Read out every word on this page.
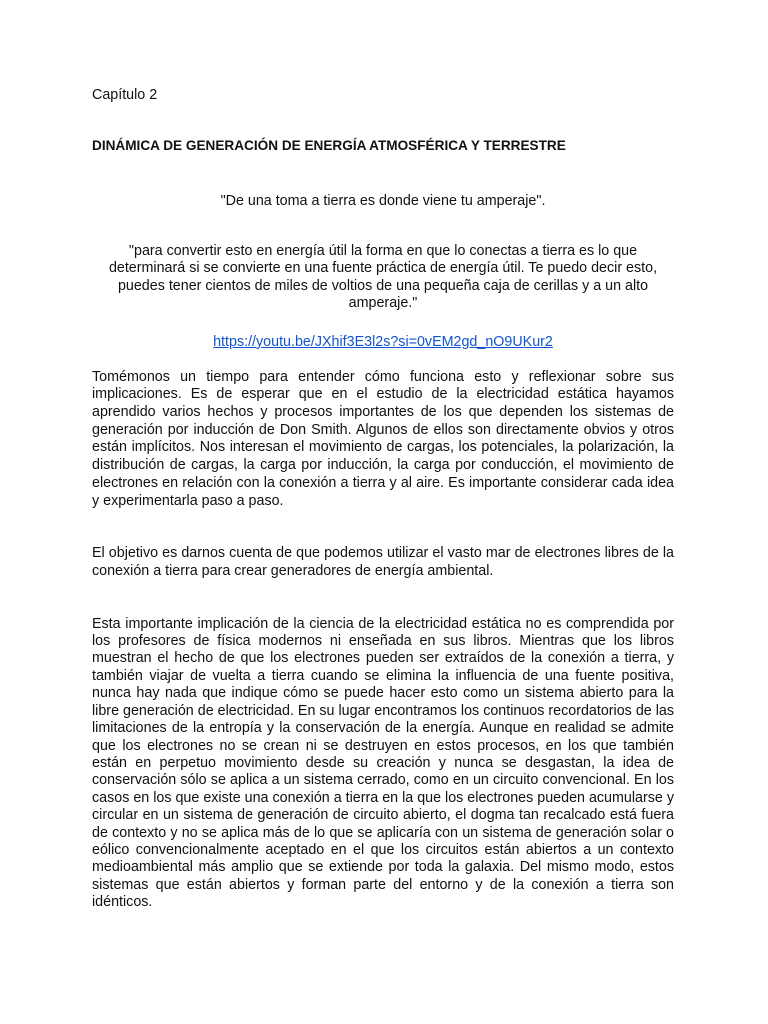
Capítulo 2

DINÁMICA DE GENERACIÓN DE ENERGÍA ATMOSFÉRICA Y TERRESTRE

"De una toma a tierra es donde viene tu amperaje".

"para convertir esto en energía útil la forma en que lo conectas a tierra es lo que determinará si se convierte en una fuente práctica de energía útil. Te puedo decir esto, puedes tener cientos de miles de voltios de una pequeña caja de cerillas y a un alto amperaje."

https://youtu.be/JXhif3E3l2s?si=0vEM2gd_nO9UKur2

Tomémonos un tiempo para entender cómo funciona esto y reflexionar sobre sus implicaciones. Es de esperar que en el estudio de la electricidad estática hayamos aprendido varios hechos y procesos importantes de los que dependen los sistemas de generación por inducción de Don Smith. Algunos de ellos son directamente obvios y otros están implícitos. Nos interesan el movimiento de cargas, los potenciales, la polarización, la distribución de cargas, la carga por inducción, la carga por conducción, el movimiento de electrones en relación con la conexión a tierra y al aire. Es importante considerar cada idea y experimentarla paso a paso.

El objetivo es darnos cuenta de que podemos utilizar el vasto mar de electrones libres de la conexión a tierra para crear generadores de energía ambiental.

Esta importante implicación de la ciencia de la electricidad estática no es comprendida por los profesores de física modernos ni enseñada en sus libros. Mientras que los libros muestran el hecho de que los electrones pueden ser extraídos de la conexión a tierra, y también viajar de vuelta a tierra cuando se elimina la influencia de una fuente positiva, nunca hay nada que indique cómo se puede hacer esto como un sistema abierto para la libre generación de electricidad. En su lugar encontramos los continuos recordatorios de las limitaciones de la entropía y la conservación de la energía. Aunque en realidad se admite que los electrones no se crean ni se destruyen en estos procesos, en los que también están en perpetuo movimiento desde su creación y nunca se desgastan, la idea de conservación sólo se aplica a un sistema cerrado, como en un circuito convencional. En los casos en los que existe una conexión a tierra en la que los electrones pueden acumularse y circular en un sistema de generación de circuito abierto, el dogma tan recalcado está fuera de contexto y no se aplica más de lo que se aplicaría con un sistema de generación solar o eólico convencionalmente aceptado en el que los circuitos están abiertos a un contexto medioambiental más amplio que se extiende por toda la galaxia. Del mismo modo, estos sistemas que están abiertos y forman parte del entorno y de la conexión a tierra son idénticos.
